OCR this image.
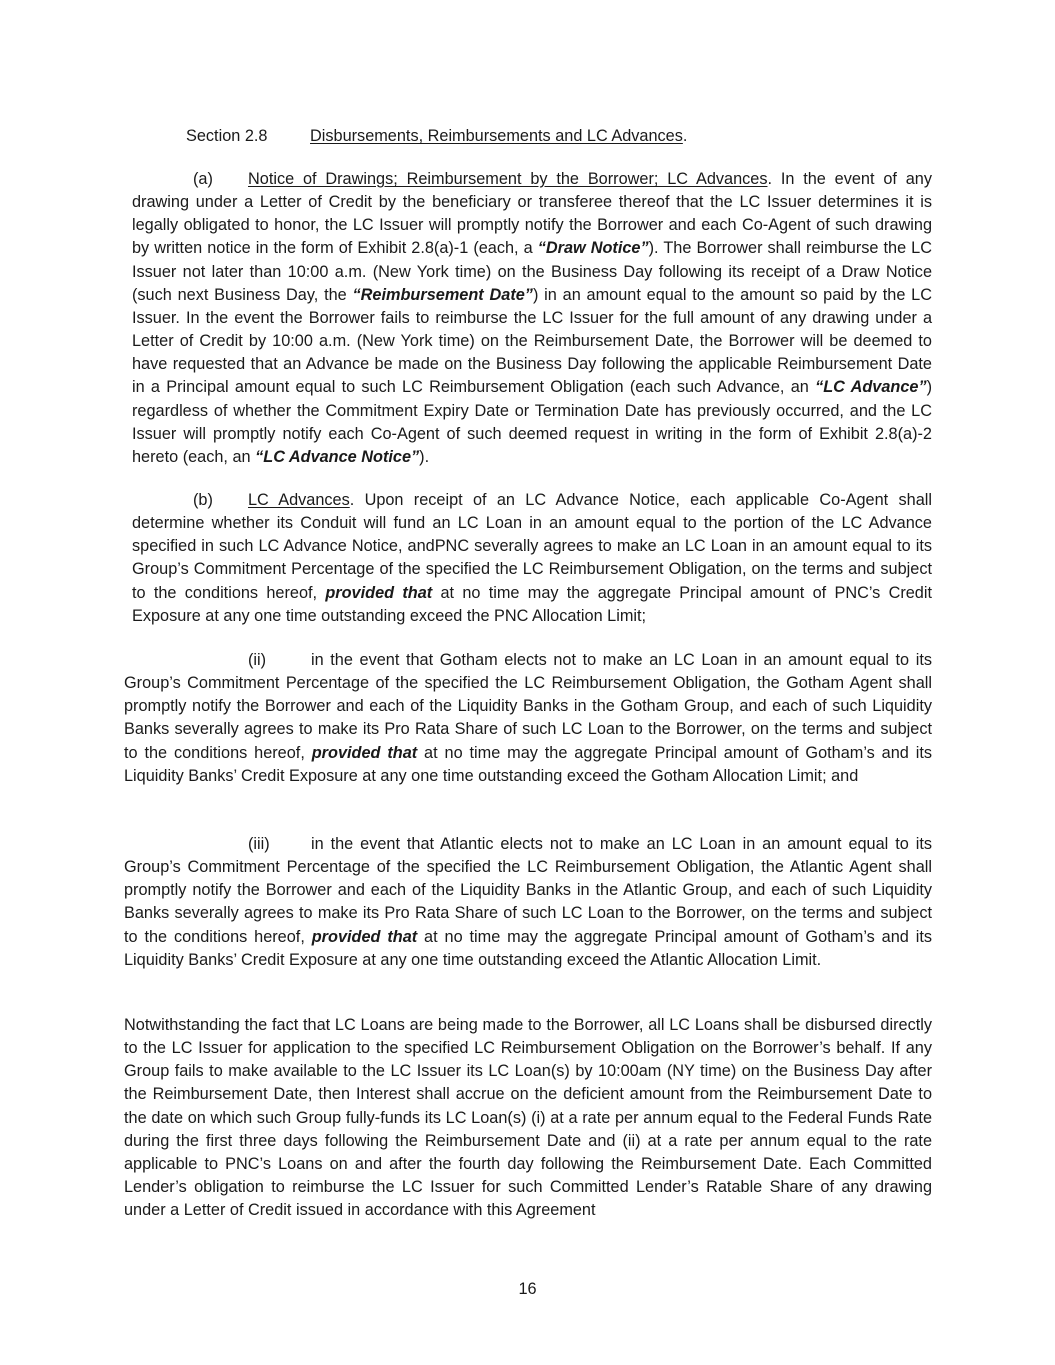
Section 2.8	Disbursements, Reimbursements and LC Advances.

(a) Notice of Drawings; Reimbursement by the Borrower; LC Advances. In the event of any drawing under a Letter of Credit by the beneficiary or transferee thereof that the LC Issuer determines it is legally obligated to honor, the LC Issuer will promptly notify the Borrower and each Co-Agent of such drawing by written notice in the form of Exhibit 2.8(a)-1 (each, a “Draw Notice”). The Borrower shall reimburse the LC Issuer not later than 10:00 a.m. (New York time) on the Business Day following its receipt of a Draw Notice (such next Business Day, the “Reimbursement Date”) in an amount equal to the amount so paid by the LC Issuer. In the event the Borrower fails to reimburse the LC Issuer for the full amount of any drawing under a Letter of Credit by 10:00 a.m. (New York time) on the Reimbursement Date, the Borrower will be deemed to have requested that an Advance be made on the Business Day following the applicable Reimbursement Date in a Principal amount equal to such LC Reimbursement Obligation (each such Advance, an “LC Advance”) regardless of whether the Commitment Expiry Date or Termination Date has previously occurred, and the LC Issuer will promptly notify each Co-Agent of such deemed request in writing in the form of Exhibit 2.8(a)-2 hereto (each, an “LC Advance Notice”).

(b) LC Advances. Upon receipt of an LC Advance Notice, each applicable Co-Agent shall determine whether its Conduit will fund an LC Loan in an amount equal to the portion of the LC Advance specified in such LC Advance Notice, andPNC severally agrees to make an LC Loan in an amount equal to its Group’s Commitment Percentage of the specified the LC Reimbursement Obligation, on the terms and subject to the conditions hereof, provided that at no time may the aggregate Principal amount of PNC’s Credit Exposure at any one time outstanding exceed the PNC Allocation Limit;

(ii)	in the event that Gotham elects not to make an LC Loan in an amount equal to its Group’s Commitment Percentage of the specified the LC Reimbursement Obligation, the Gotham Agent shall promptly notify the Borrower and each of the Liquidity Banks in the Gotham Group, and each of such Liquidity Banks severally agrees to make its Pro Rata Share of such LC Loan to the Borrower, on the terms and subject to the conditions hereof, provided that at no time may the aggregate Principal amount of Gotham’s and its Liquidity Banks’ Credit Exposure at any one time outstanding exceed the Gotham Allocation Limit; and

(iii)	in the event that Atlantic elects not to make an LC Loan in an amount equal to its Group’s Commitment Percentage of the specified the LC Reimbursement Obligation, the Atlantic Agent shall promptly notify the Borrower and each of the Liquidity Banks in the Atlantic Group, and each of such Liquidity Banks severally agrees to make its Pro Rata Share of such LC Loan to the Borrower, on the terms and subject to the conditions hereof, provided that at no time may the aggregate Principal amount of Gotham’s and its Liquidity Banks’ Credit Exposure at any one time outstanding exceed the Atlantic Allocation Limit.

Notwithstanding the fact that LC Loans are being made to the Borrower, all LC Loans shall be disbursed directly to the LC Issuer for application to the specified LC Reimbursement Obligation on the Borrower’s behalf. If any Group fails to make available to the LC Issuer its LC Loan(s) by 10:00am (NY time) on the Business Day after the Reimbursement Date, then Interest shall accrue on the deficient amount from the Reimbursement Date to the date on which such Group fully-funds its LC Loan(s) (i) at a rate per annum equal to the Federal Funds Rate during the first three days following the Reimbursement Date and (ii) at a rate per annum equal to the rate applicable to PNC’s Loans on and after the fourth day following the Reimbursement Date. Each Committed Lender’s obligation to reimburse the LC Issuer for such Committed Lender’s Ratable Share of any drawing under a Letter of Credit issued in accordance with this Agreement

16
